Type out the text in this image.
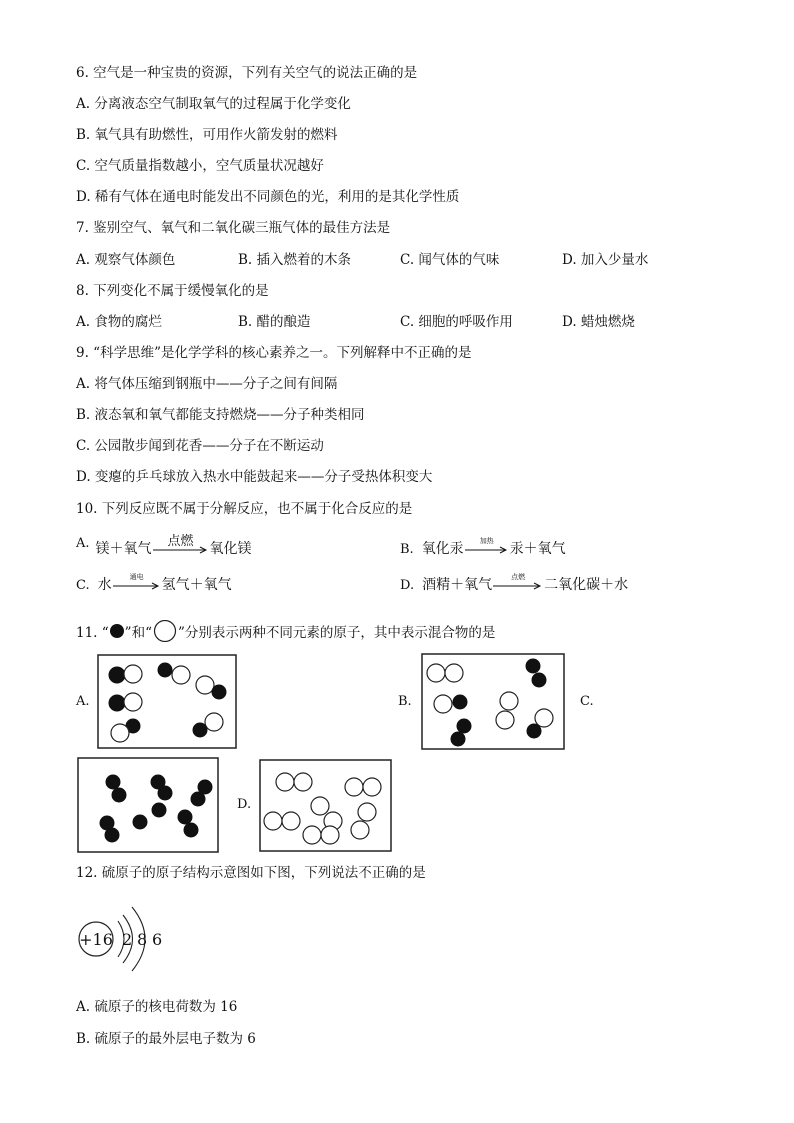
6. 空气是一种宝贵的资源，下列有关空气的说法正确的是
A. 分离液态空气制取氧气的过程属于化学变化
B. 氧气具有助燃性，可用作火箭发射的燃料
C. 空气质量指数越小，空气质量状况越好
D. 稀有气体在通电时能发出不同颜色的光，利用的是其化学性质
7. 鉴别空气、氧气和二氧化碳三瓶气体的最佳方法是
A. 观察气体颜色	B. 插入燃着的木条	C. 闻气体的气味	D. 加入少量水
8. 下列变化不属于缓慢氧化的是
A. 食物的腐烂	B. 醋的酿造	C. 细胞的呼吸作用	D. 蜡烛燃烧
9. “科学思维”是化学学科的核心素养之一。下列解释中不正确的是
A. 将气体压缩到钢瓶中——分子之间有间隔
B. 液态氧和氧气都能支持燃烧——分子种类相同
C. 公园散步闻到花香——分子在不断运动
D. 变瘪的乒乓球放入热水中能鼓起来——分子受热体积变大
10. 下列反应既不属于分解反应，也不属于化合反应的是
A. 镁＋氧气	点燃	氧化镁	B. 氧化汞	加热	汞＋氧气
C. 水	通电	氢气＋氧气	D. 酒精＋氧气	点燃	二氧化碳＋水
11. “ ”和“ ”分别表示两种不同元素的原子，其中表示混合物的是
A.	B.	C.
D.
12. 硫原子的原子结构示意图如下图，下列说法不正确的是
+16 2 8 6
A. 硫原子的核电荷数为 16
B. 硫原子的最外层电子数为 6
